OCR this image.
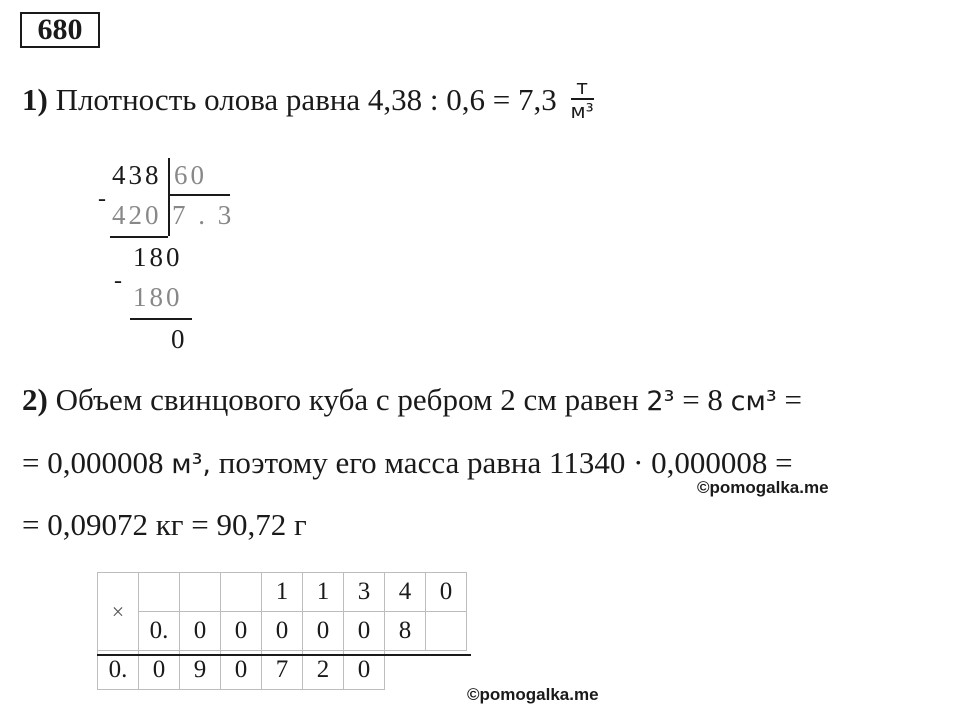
680
1) Плотность олова равна 4,38 : $0,6 = 7,3 \frac{т}{\text{м³}}$
438 60
-
420 7 . 3
180
-
180
0
2) Объем свинцового куба с ребром 2 см равен 2³ = 8 см³ =
= 0,000008 м³, поэтому его масса равна 11340 · 0,000008 =
©pomogalka.me
= 0,09072 кг = 90,72 г
×				1	1	3	4	0
	0.	0	0	0	0	0	8	
0.	0	9	0	7	2	0		
©pomogalka.me
